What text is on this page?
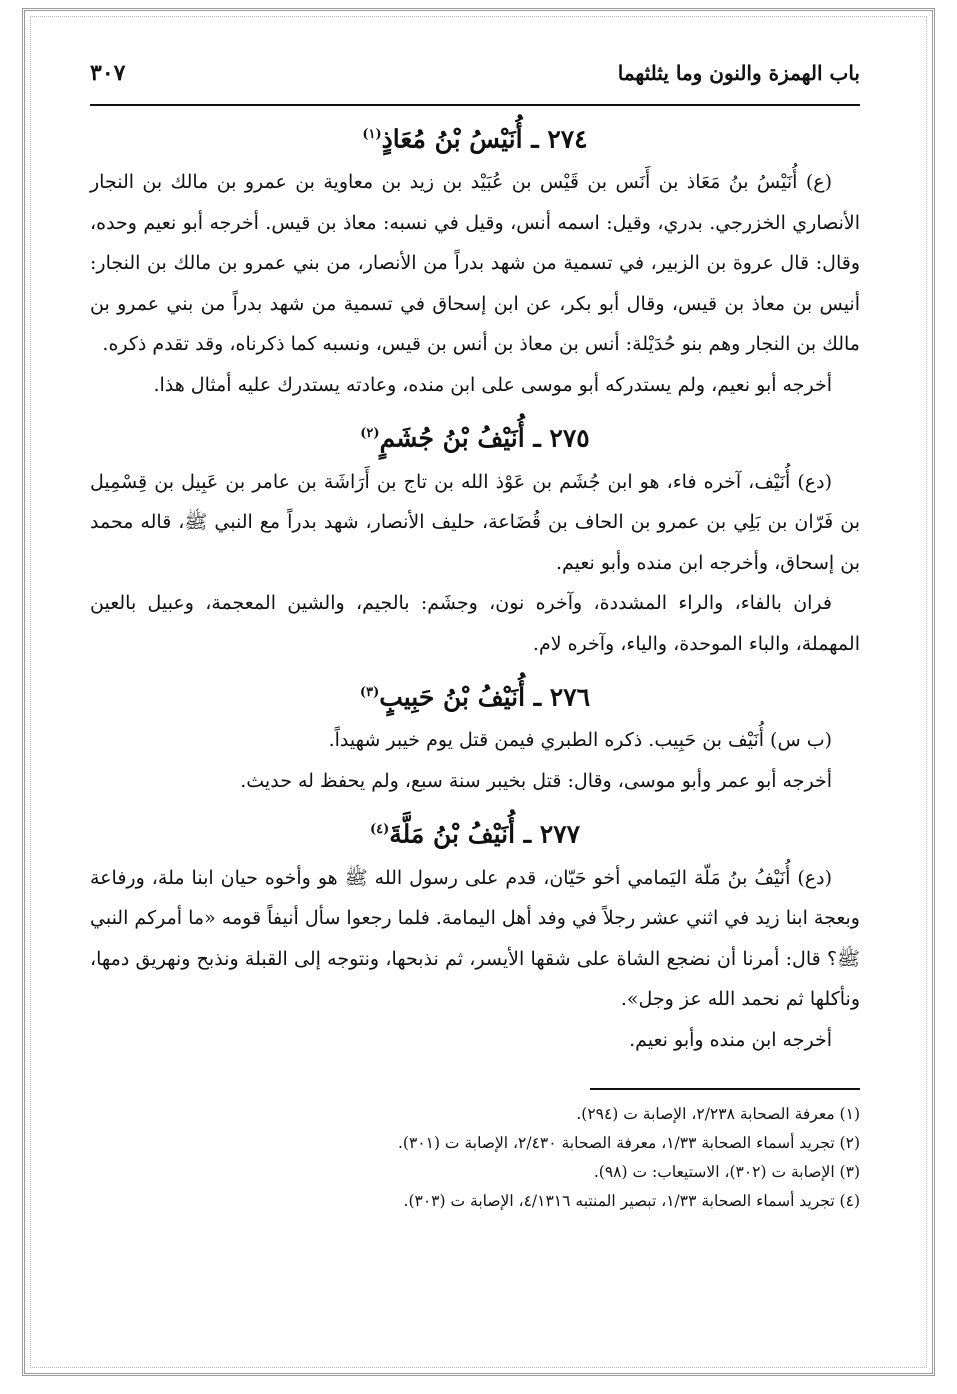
باب الهمزة والنون وما يثلثهما
٣٠٧
٢٧٤ ـ أُنَيْسُ بْنُ مُعَاذٍ$^{(١)}$

(ع) أُنَيْسُ بنُ مَعَاذ بن أَنَس بن قَيْس بن عُبَيْد بن زيد بن معاوية بن عمرو بن مالك بن النجار الأنصاري الخزرجي. بدري، وقيل: اسمه أنس، وقيل في نسبه: معاذ بن قيس. أخرجه أبو نعيم وحده، وقال: قال عروة بن الزبير، في تسمية من شهد بدراً من الأنصار، من بني عمرو بن مالك بن النجار: أنيس بن معاذ بن قيس، وقال أبو بكر، عن ابن إسحاق في تسمية من شهد بدراً من بني عمرو بن مالك بن النجار وهم بنو حُدَيْلة: أنس بن معاذ بن أنس بن قيس، ونسبه كما ذكرناه، وقد تقدم ذكره.

أخرجه أبو نعيم، ولم يستدركه أبو موسى على ابن منده، وعادته يستدرك عليه أمثال هذا.

٢٧٥ ـ أُنَيْفُ بْنُ جُشَمٍ$^{(٢)}$

(دع) أُنَيْف، آخره فاء، هو ابن جُشَم بن عَوْذ الله بن تاج بن أَرَاشَة بن عامر بن عَبِيل بن قِسْمِيل بن فَرّان بن بَلِي بن عمرو بن الحاف بن قُضَاعة، حليف الأنصار، شهد بدراً مع النبي ﷺ، قاله محمد بن إسحاق، وأخرجه ابن منده وأبو نعيم.

فران بالفاء، والراء المشددة، وآخره نون، وجشَم: بالجيم، والشين المعجمة، وعبيل بالعين المهملة، والباء الموحدة، والياء، وآخره لام.

٢٧٦ ـ أُنَيْفُ بْنُ حَبِيبٍ$^{(٣)}$

(ب س) أُنَيْف بن حَبِيب. ذكره الطبري فيمن قتل يوم خيبر شهيداً.

أخرجه أبو عمر وأبو موسى، وقال: قتل بخيبر سنة سبع، ولم يحفظ له حديث.

٢٧٧ ـ أُنَيْفُ بْنُ مَلَّةَ$^{(٤)}$

(دع) أُنَيْفُ بنُ مَلّة اليَمامي أخو حَيّان، قدم على رسول الله ﷺ هو وأخوه حيان ابنا ملة، ورفاعة وبعجة ابنا زيد في اثني عشر رجلاً في وفد أهل اليمامة. فلما رجعوا سأل أنيفاً قومه «ما أمركم النبي ﷺ؟ قال: أمرنا أن نضجع الشاة على شقها الأيسر، ثم نذبحها، ونتوجه إلى القبلة ونذبح ونهريق دمها، ونأكلها ثم نحمد الله عز وجل».

أخرجه ابن منده وأبو نعيم.

(١) معرفة الصحابة ٢/٢٣٨، الإصابة ت (٢٩٤).

(٢) تجريد أسماء الصحابة ١/٣٣، معرفة الصحابة ٢/٤٣٠، الإصابة ت (٣٠١).

(٣) الإصابة ت (٣٠٢)، الاستيعاب: ت (٩٨).

(٤) تجريد أسماء الصحابة ١/٣٣، تبصير المنتبه ٤/١٣١٦، الإصابة ت (٣٠٣).
